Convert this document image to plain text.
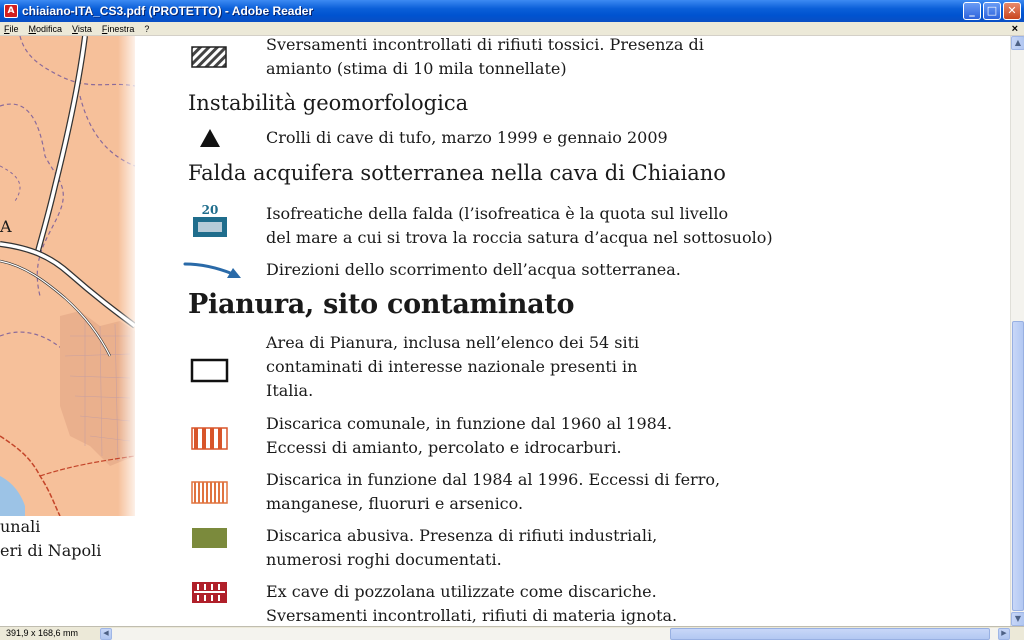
A chiaiano-ITA_CS3.pdf (PROTETTO) - Adobe Reader	_	□ ✕
File Modifica Vista Finestra ?	×
A
unali
eri di Napoli
Sversamenti incontrollati di rifiuti tossici. Presenza di
amianto (stima di 10 mila tonnellate)
Instabilità geomorfologica
Crolli di cave di tufo, marzo 1999 e gennaio 2009
Falda acquifera sotterranea nella cava di Chiaiano
20	Isofreatiche della falda (l’isofreatica è la quota sul livello
del mare a cui si trova la roccia satura d’acqua nel sottosuolo)
Direzioni dello scorrimento dell’acqua sotterranea.
Pianura, sito contaminato
Area di Pianura, inclusa nell’elenco dei 54 siti
contaminati di interesse nazionale presenti in
Italia.
Discarica comunale, in funzione dal 1960 al 1984.
Eccessi di amianto, percolato e idrocarburi.
Discarica in funzione dal 1984 al 1996. Eccessi di ferro,
manganese, fluoruri e arsenico.
Discarica abusiva. Presenza di rifiuti industriali,
numerosi roghi documentati.
Ex cave di pozzolana utilizzate come discariche.
Sversamenti incontrollati, rifiuti di materia ignota.
▲
▼
391,9 x 168,6 mm	◀	▶
